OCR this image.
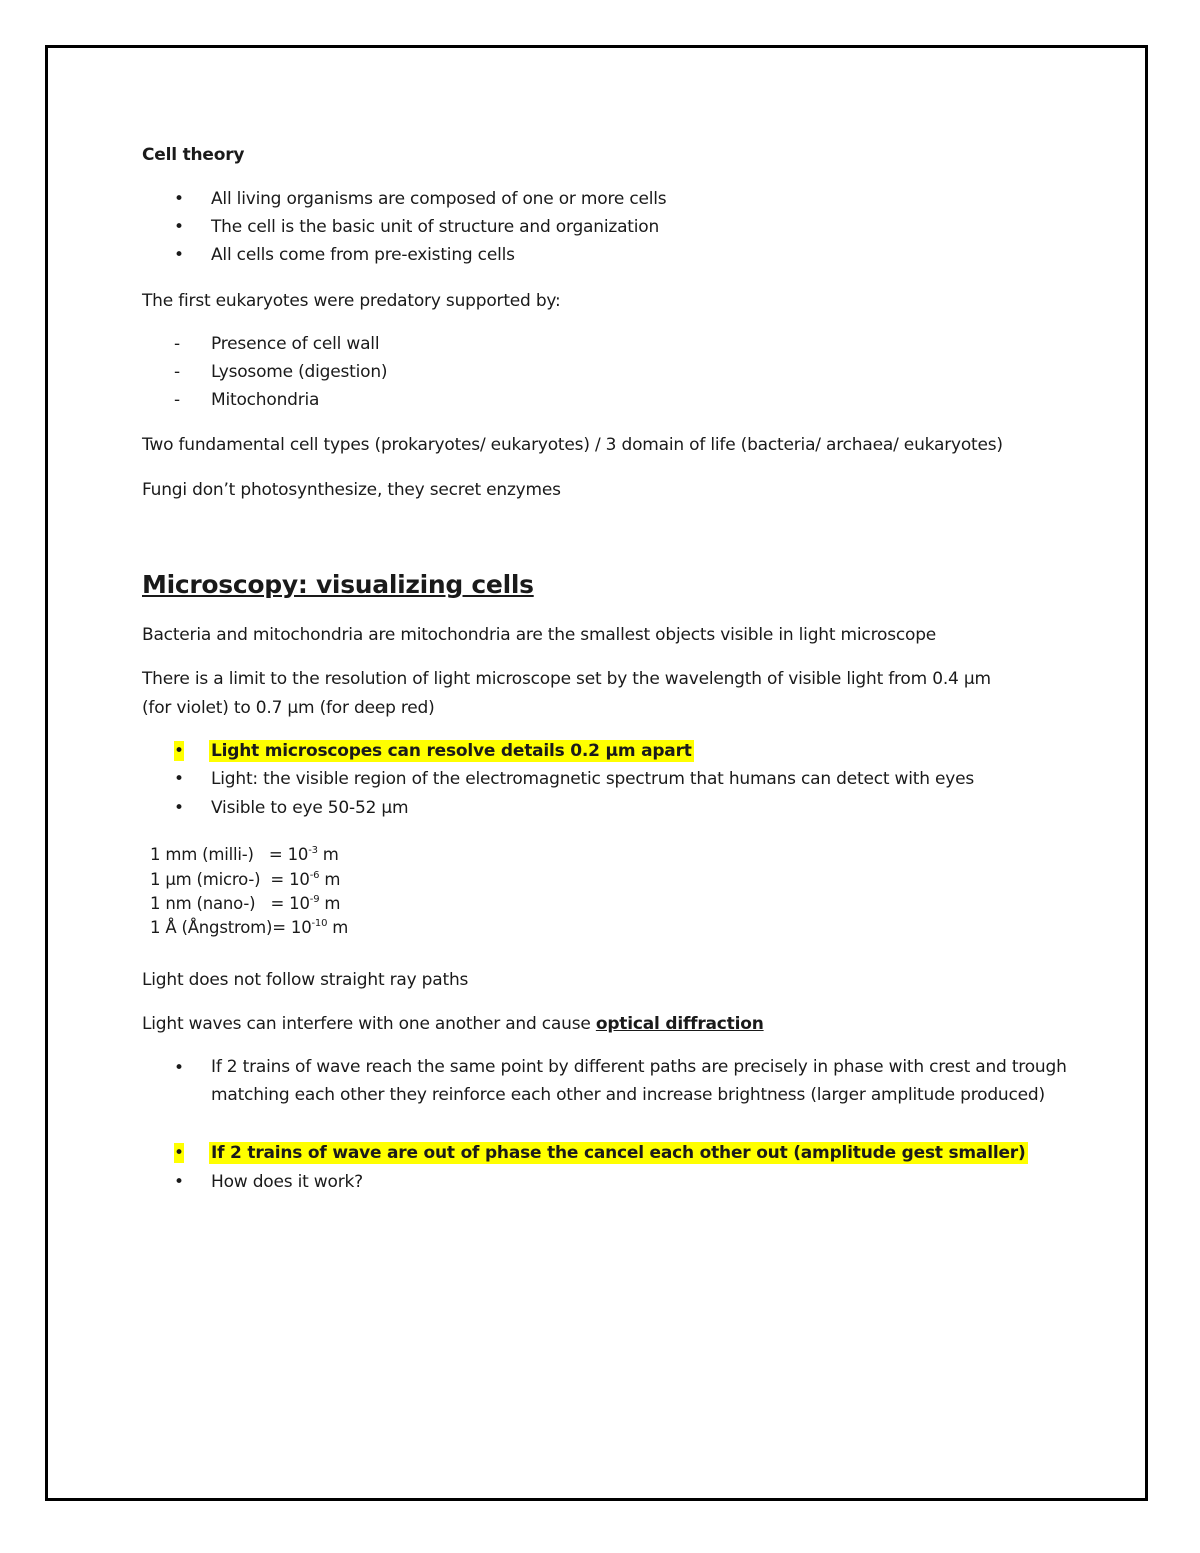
Cell theory
• All living organisms are composed of one or more cells
• The cell is the basic unit of structure and organization
• All cells come from pre-existing cells
The first eukaryotes were predatory supported by:
- Presence of cell wall
- Lysosome (digestion)
- Mitochondria
Two fundamental cell types (prokaryotes/ eukaryotes) / 3 domain of life (bacteria/ archaea/ eukaryotes)
Fungi don’t photosynthesize, they secret enzymes
Microscopy: visualizing cells
Bacteria and mitochondria are mitochondria are the smallest objects visible in light microscope
There is a limit to the resolution of light microscope set by the wavelength of visible light from 0.4 µm
(for violet) to 0.7 µm (for deep red)
• Light microscopes can resolve details 0.2 µm apart
• Light: the visible region of the electromagnetic spectrum that humans can detect with eyes
• Visible to eye 50-52 µm
1 mm (milli-)   = $10^{-3}$ m
1 µm (micro-)  = $10^{-6}$ m
1 nm (nano-)   = $10^{-9}$ m
1 Å (Ångstrom)= $10^{-10}$ m
Light does not follow straight ray paths
Light waves can interfere with one another and cause optical diffraction
• If 2 trains of wave reach the same point by different paths are precisely in phase with crest and trough matching each other they reinforce each other and increase brightness (larger amplitude produced)
• If 2 trains of wave are out of phase the cancel each other out (amplitude gest smaller)
• How does it work?
